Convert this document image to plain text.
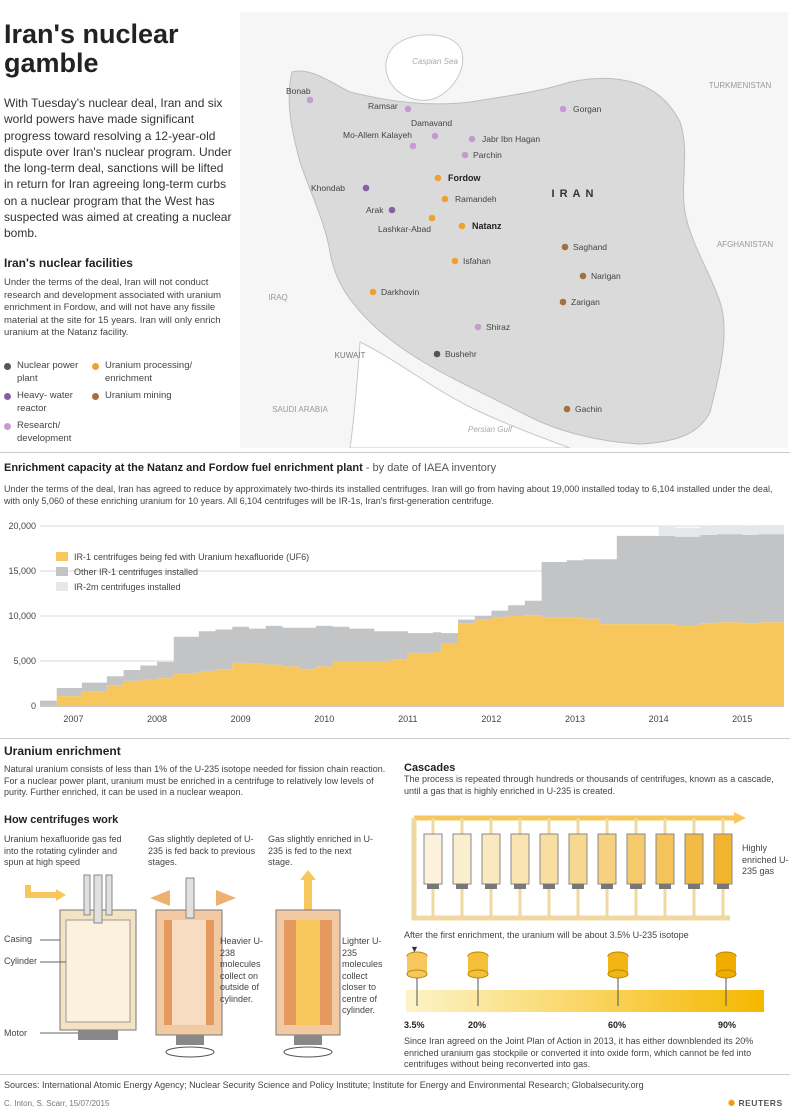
Iran's nuclear gamble
With Tuesday's nuclear deal, Iran and six world powers have made significant progress toward resolving a 12-year-old dispute over Iran's nuclear program. Under the long-term deal, sanctions will be lifted in return for Iran agreeing long-term curbs on a nuclear program that the West has suspected was aimed at creating a nuclear bomb.
Iran's nuclear facilities
Under the terms of the deal, Iran will not conduct research and development associated with uranium enrichment in Fordow, and will not have any fissile material at the site for 15 years. Iran will only enrich uranium at the Natanz facility.
Nuclear power plant
Uranium processing/ enrichment
Heavy- water reactor
Uranium mining
Research/ development
Caspian Sea
Persian Gulf
TURKMENISTAN
IRAN
AFGHANISTAN
IRAQ
KUWAIT
SAUDI ARABIA
Bonab
Ramsar	Gorgan
Damavand
Mo-Allem Kalayeh	Jabr Ibn Hagan
Parchin
Fordow
Khondab
Ramandeh
Arak
Lashkar-Abad	Natanz
Saghand
Isfahan
Narigan
Darkhovin
Zarigan
Shiraz
Bushehr
Gachin
Enrichment capacity at the Natanz and Fordow fuel enrichment plant - by date of IAEA inventory
Under the terms of the deal, Iran has agreed to reduce by approximately two-thirds its installed centrifuges. Iran will go from having about 19,000 installed today to 6,104 installed under the deal, with only 5,060 of these enriching uranium for 10 years. All 6,104 centrifuges will be IR-1s, Iran's first-generation centrifuge.
20,000
15,000
10,000
5,000
0
2007	2008	2009	2010	2011	2012	2013	2014	2015
IR-1 centrifuges being fed with Uranium hexafluoride (UF6)
Other IR-1 centrifuges installed
IR-2m centrifuges installed
Uranium enrichment
Natural uranium consists of less than 1% of the U-235 isotope needed for fission chain reaction. For a nuclear power plant, uranium must be enriched in a centrifuge to relatively low levels of purity. Further enriched, it can be used in a nuclear weapon.
How centrifuges work
Uranium hexafluoride gas fed into the rotating cylinder and spun at high speed
Gas slightly depleted of U-235 is fed back to previous stages.
Gas slightly enriched in U-235 is fed to the next stage.
Casing
Cylinder
Motor
Heavier U-238 molecules collect on outside of cylinder.
Lighter U-235 molecules collect closer to centre of cylinder.
Cascades
The process is repeated through hundreds or thousands of centrifuges, known as a cascade, until a gas that is highly enriched in U-235 is created.
Highly enriched U-235 gas
After the first enrichment, the uranium will be about 3.5% U-235 isotope
▼
3.5%	20%	60%	90%
Since Iran agreed on the Joint Plan of Action in 2013, it has either downblended its 20% enriched uranium gas stockpile or converted it into oxide form, which cannot be fed into centrifuges without being reconverted into gas.
Sources: International Atomic Energy Agency; Nuclear Security Science and Policy Institute; Institute for Energy and Environmental Research; Globalsecurity.org
C. Inton, S. Scarr, 15/07/2015	✺ REUTERS
